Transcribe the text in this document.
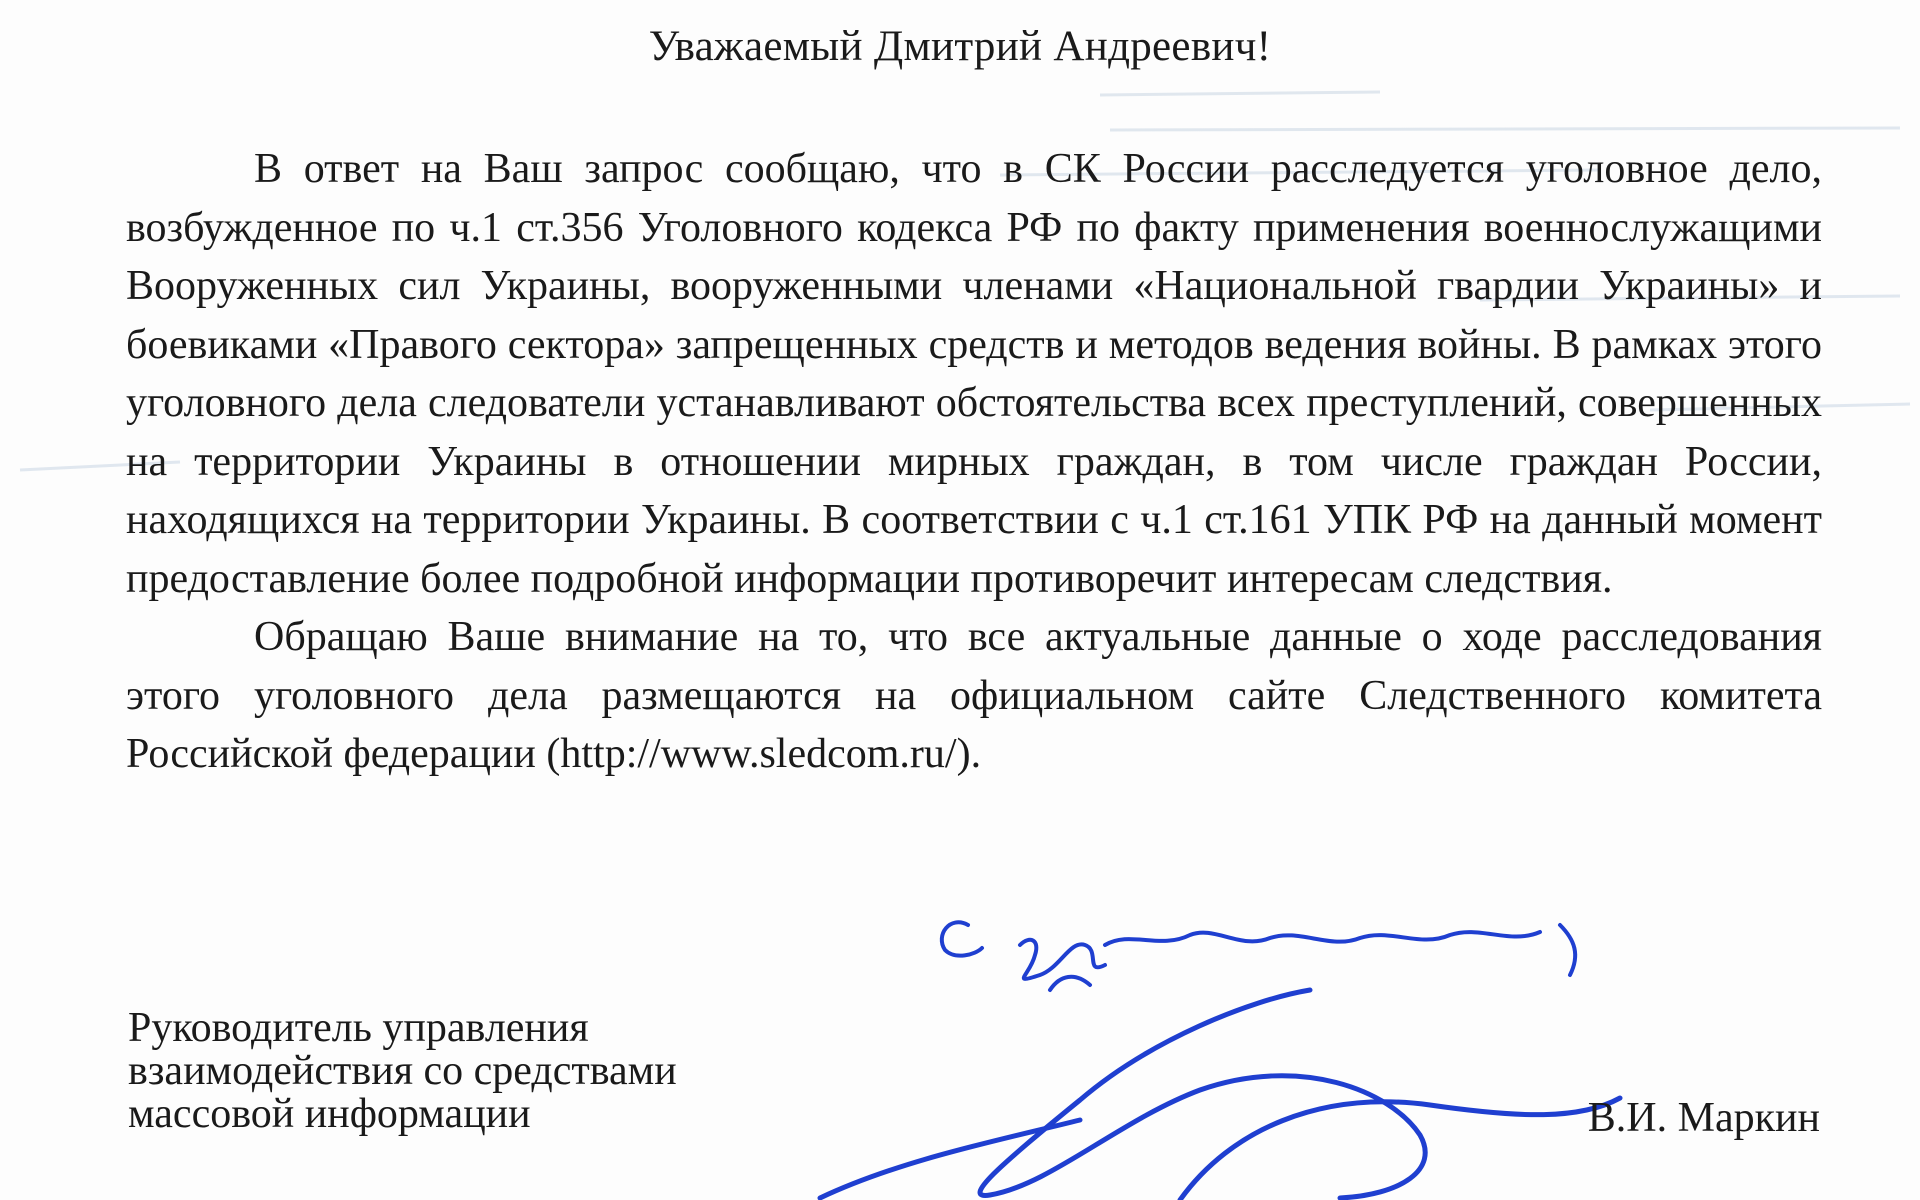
Уважаемый Дмитрий Андреевич!

В ответ на Ваш запрос сообщаю, что в СК России расследуется уголовное дело, возбужденное по ч.1 ст.356 Уголовного кодекса РФ по факту применения военнослужащими Вооруженных сил Украины, вооруженными членами «Национальной гвардии Украины» и боевиками «Правого сектора» запрещенных средств и методов ведения войны. В рамках этого уголовного дела следователи устанавливают обстоятельства всех преступлений, совершенных на территории Украины в отношении мирных граждан, в том числе граждан России, находящихся на территории Украины. В соответствии с ч.1 ст.161 УПК РФ на данный момент предоставление более подробной информации противоречит интересам следствия.

Обращаю Ваше внимание на то, что все актуальные данные о ходе расследования этого уголовного дела размещаются на официальном сайте Следственного комитета Российской федерации (http://www.sledcom.ru/).

Руководитель управления
взаимодействия со средствами
массовой информации	В.И. Маркин
